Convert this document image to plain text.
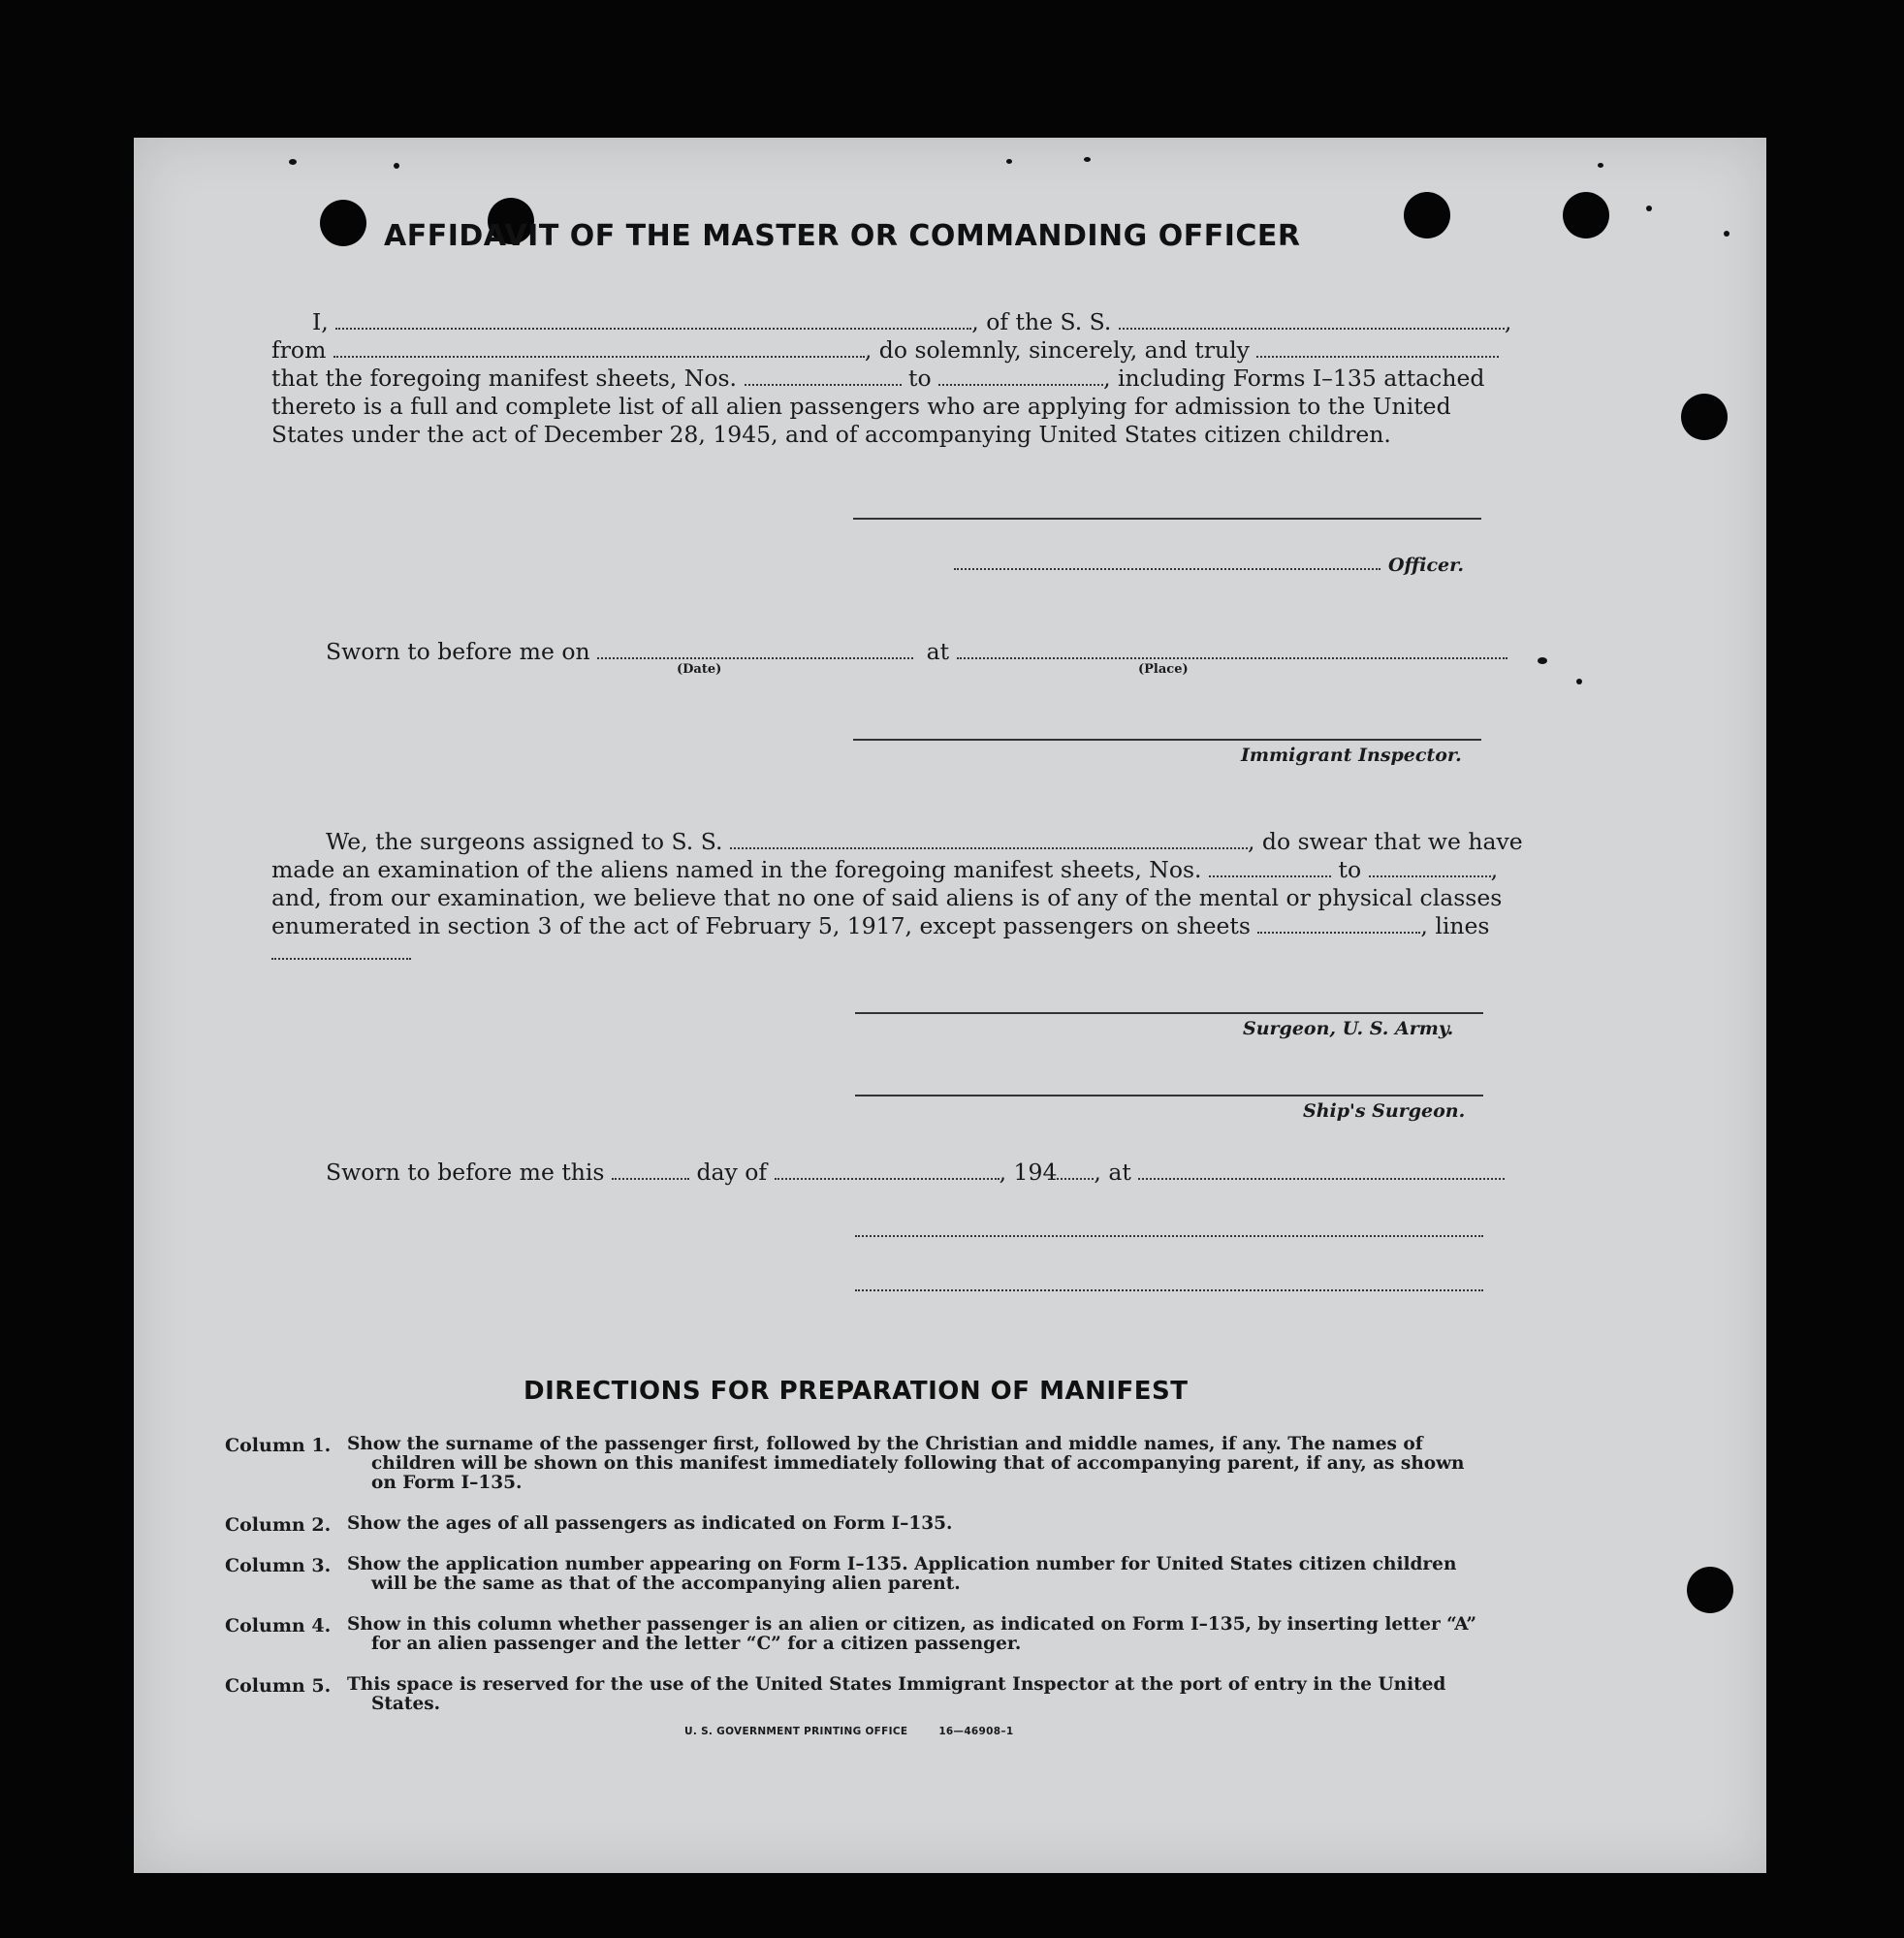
AFFIDAVIT OF THE MASTER OR COMMANDING OFFICER
I,	, of the S. S.	,
from	, do solemnly, sincerely, and truly
that the foregoing manifest sheets, Nos.	to	, including Forms I–135 attached
thereto is a full and complete list of all alien passengers who are applying for admission to the United
States under the act of December 28, 1945, and of accompanying United States citizen children.
Officer.
Sworn to before me on	at
(Date)	(Place)
Immigrant Inspector.
We, the surgeons assigned to S. S.	, do swear that we have
made an examination of the aliens named in the foregoing manifest sheets, Nos.	to	,
and, from our examination, we believe that no one of said aliens is of any of the mental or physical classes
enumerated in section 3 of the act of February 5, 1917, except passengers on sheets	, lines
Surgeon, U. S. Army.
Ship's Surgeon.
Sworn to before me this	day of	, 194 , at
DIRECTIONS FOR PREPARATION OF MANIFEST
Column 1. Show the surname of the passenger first, followed by the Christian and middle names, if any. The names of
children will be shown on this manifest immediately following that of accompanying parent, if any, as shown on Form I–135.
Column 2. Show the ages of all passengers as indicated on Form I–135.
Column 3. Show the application number appearing on Form I–135. Application number for United States citizen children
will be the same as that of the accompanying alien parent.
Column 4. Show in this column whether passenger is an alien or citizen, as indicated on Form I–135, by inserting letter “A”
for an alien passenger and the letter “C” for a citizen passenger.
Column 5. This space is reserved for the use of the United States Immigrant Inspector at the port of entry in the United
States.
U. S. GOVERNMENT PRINTING OFFICE	16—46908–1
